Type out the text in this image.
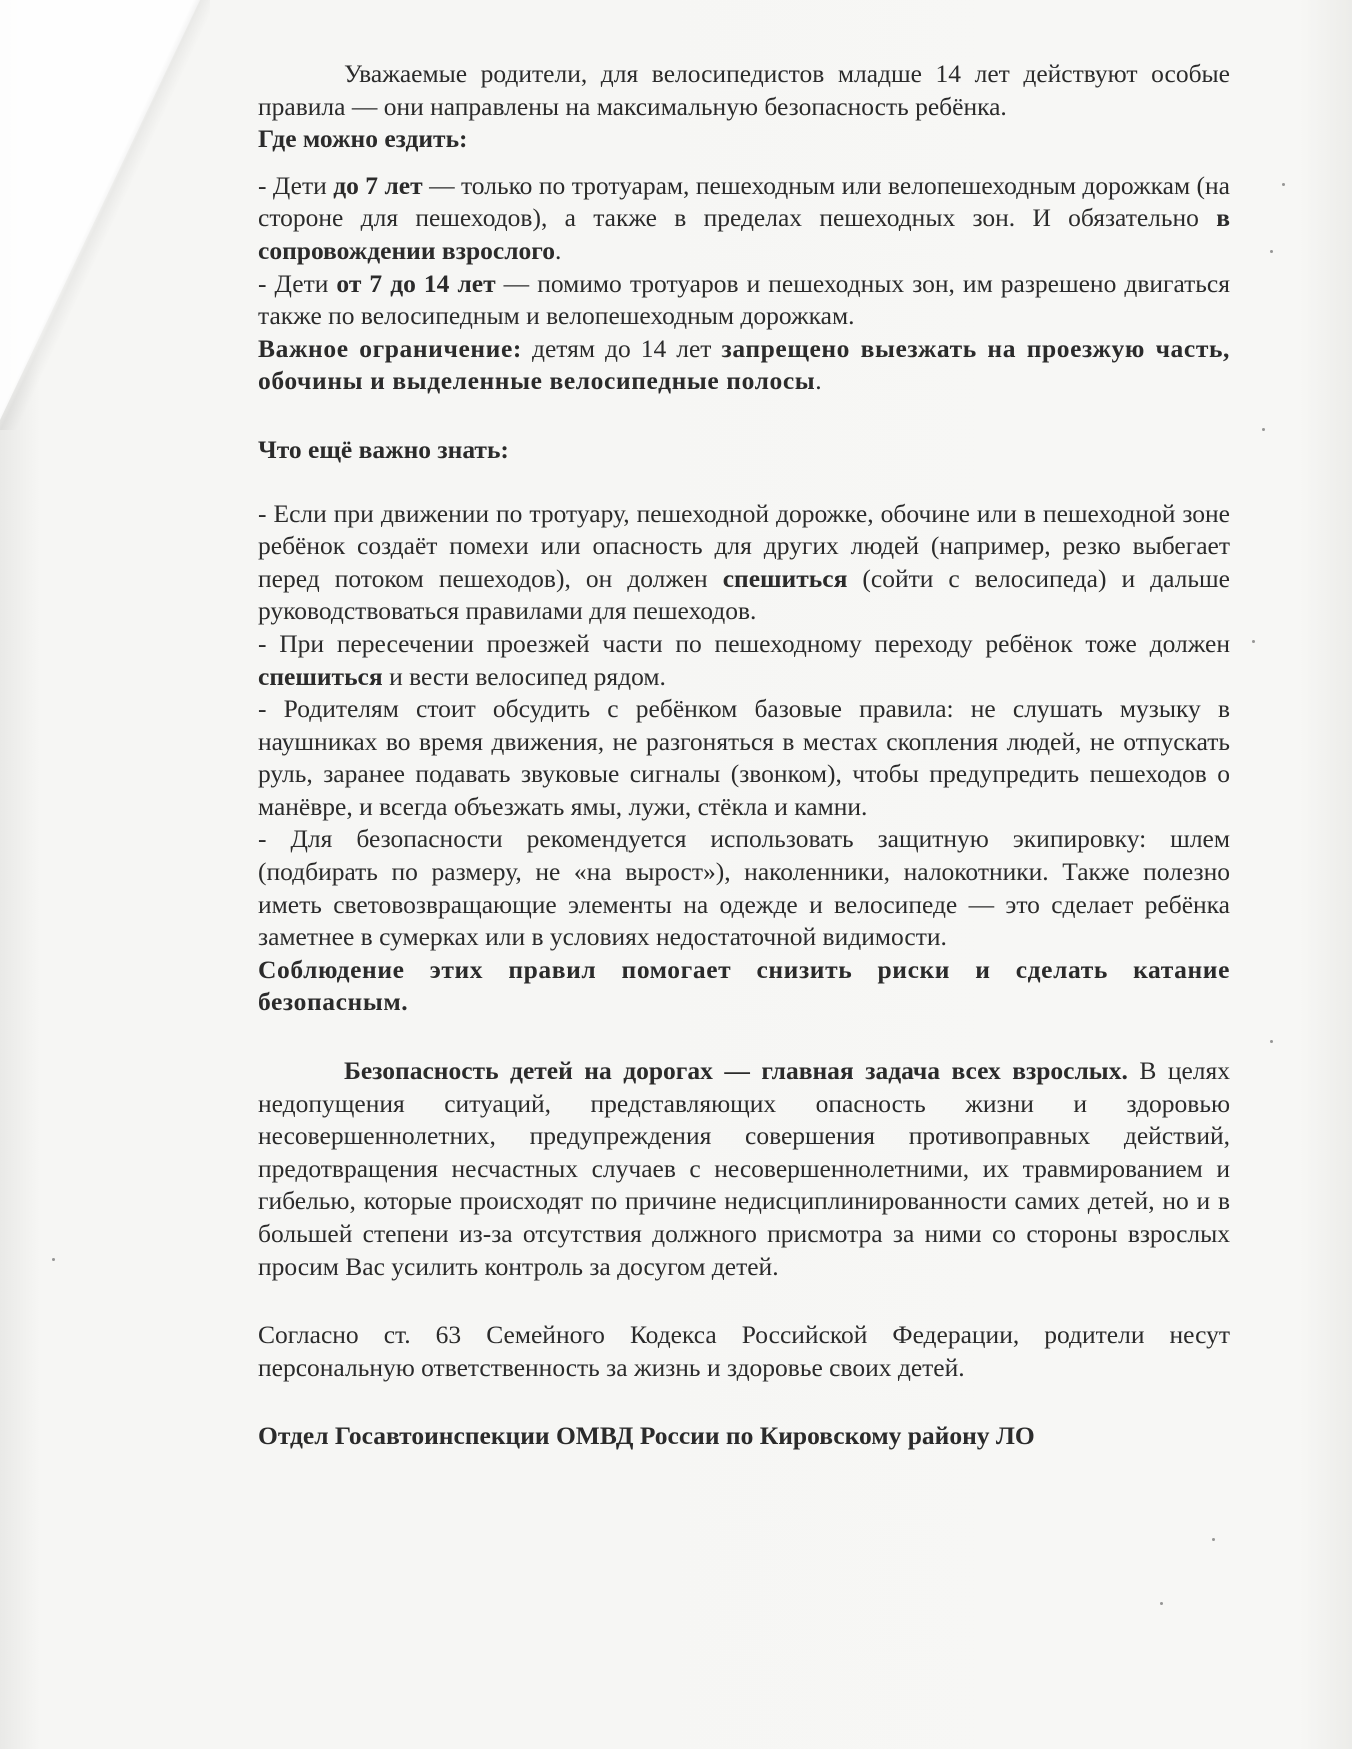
Уважаемые родители, для велосипедистов младше 14 лет действуют особые правила — они направлены на максимальную безопасность ребёнка.

Где можно ездить:

- Дети до 7 лет — только по тротуарам, пешеходным или велопешеходным дорожкам (на стороне для пешеходов), а также в пределах пешеходных зон. И обязательно в сопровождении взрослого.

- Дети от 7 до 14 лет — помимо тротуаров и пешеходных зон, им разрешено двигаться также по велосипедным и велопешеходным дорожкам.

Важное ограничение: детям до 14 лет запрещено выезжать на проезжую часть, обочины и выделенные велосипедные полосы.

Что ещё важно знать:

- Если при движении по тротуару, пешеходной дорожке, обочине или в пешеходной зоне ребёнок создаёт помехи или опасность для других людей (например, резко выбегает перед потоком пешеходов), он должен спешиться (сойти с велосипеда) и дальше руководствоваться правилами для пешеходов.

- При пересечении проезжей части по пешеходному переходу ребёнок тоже должен спешиться и вести велосипед рядом.

- Родителям стоит обсудить с ребёнком базовые правила: не слушать музыку в наушниках во время движения, не разгоняться в местах скопления людей, не отпускать руль, заранее подавать звуковые сигналы (звонком), чтобы предупредить пешеходов о манёвре, и всегда объезжать ямы, лужи, стёкла и камни.

- Для безопасности рекомендуется использовать защитную экипировку: шлем (подбирать по размеру, не «на вырост»), наколенники, налокотники. Также полезно иметь световозвращающие элементы на одежде и велосипеде — это сделает ребёнка заметнее в сумерках или в условиях недостаточной видимости.

Соблюдение этих правил помогает снизить риски и сделать катание безопасным.

Безопасность детей на дорогах — главная задача всех взрослых. В целях недопущения ситуаций, представляющих опасность жизни и здоровью несовершеннолетних, предупреждения совершения противоправных действий, предотвращения несчастных случаев с несовершеннолетними, их травмированием и гибелью, которые происходят по причине недисциплинированности самих детей, но и в большей степени из-за отсутствия должного присмотра за ними со стороны взрослых просим Вас усилить контроль за досугом детей.

Согласно ст. 63 Семейного Кодекса Российской Федерации, родители несут персональную ответственность за жизнь и здоровье своих детей.

Отдел Госавтоинспекции ОМВД России по Кировскому району ЛО
